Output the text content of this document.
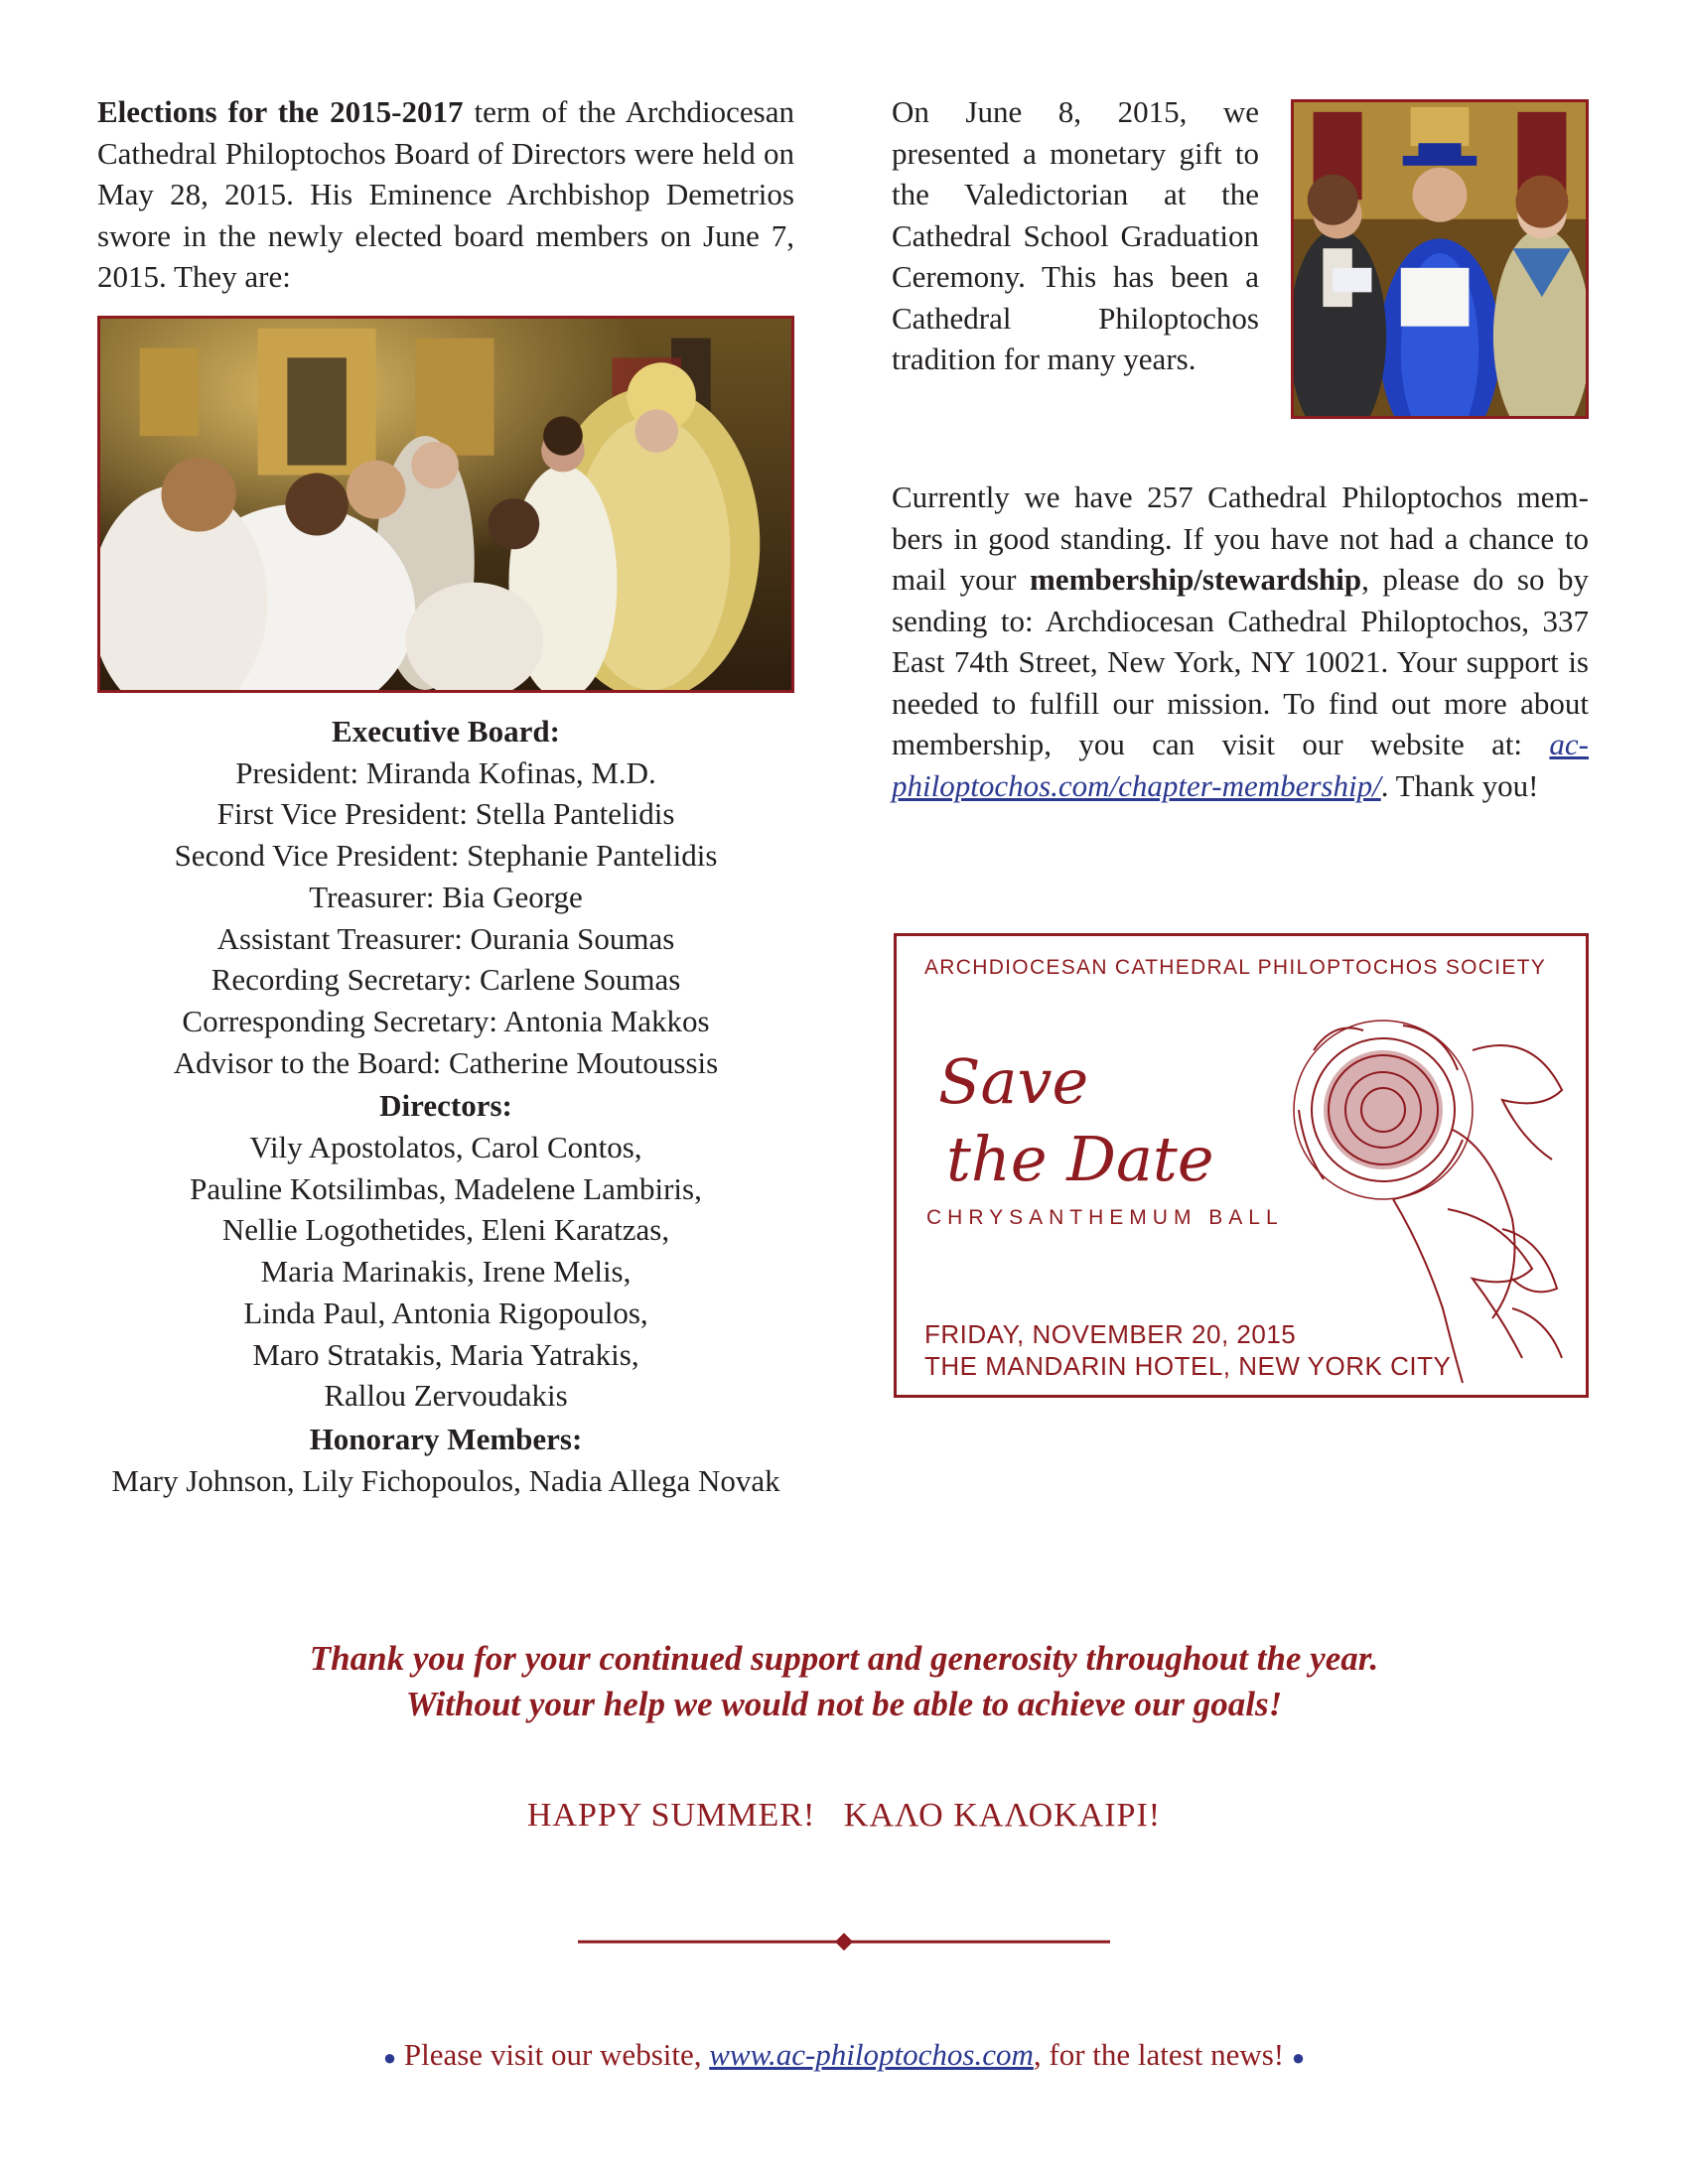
Elections for the 2015-2017 term of the Archdiocesan Cathedral Philoptochos Board of Directors were held on May 28, 2015. His Eminence Archbishop Demetrios swore in the newly elected board members on June 7, 2015. They are:
Executive Board:
President: Miranda Kofinas, M.D.
First Vice President: Stella Pantelidis
Second Vice President: Stephanie Pantelidis
Treasurer: Bia George
Assistant Treasurer: Ourania Soumas
Recording Secretary: Carlene Soumas
Corresponding Secretary: Antonia Makkos
Advisor to the Board: Catherine Moutoussis
Directors:
Vily Apostolatos, Carol Contos,
Pauline Kotsilimbas, Madelene Lambiris,
Nellie Logothetides, Eleni Karatzas,
Maria Marinakis, Irene Melis,
Linda Paul, Antonia Rigopoulos,
Maro Stratakis, Maria Yatrakis,
Rallou Zervoudakis
Honorary Members:
Mary Johnson, Lily Fichopoulos, Nadia Allega Novak
On June 8, 2015, we presented a monetary gift to the Valedictorian at the Cathedral School Graduation Ceremony. This has been a Cathedral Philoptochos tradition for many years.
Currently we have 257 Cathedral Philoptochos members in good standing. If you have not had a chance to mail your membership/stewardship, please do so by sending to: Archdiocesan Cathedral Philoptochos, 337 East 74th Street, New York, NY 10021. Your support is needed to fulfill our mission. To find out more about membership, you can visit our website at: ac-philoptochos.com/chapter-membership/. Thank you!
ARCHDIOCESAN CATHEDRAL PHILOPTOCHOS SOCIETY
Save
the Date
CHRYSANTHEMUM BALL
FRIDAY, NOVEMBER 20, 2015
THE MANDARIN HOTEL, NEW YORK CITY
Thank you for your continued support and generosity throughout the year.
Without your help we would not be able to achieve our goals!
HAPPY SUMMER!   ΚΑΛΟ ΚΑΛΟΚΑΙΡΙ!
● Please visit our website, www.ac-philoptochos.com, for the latest news! ●
